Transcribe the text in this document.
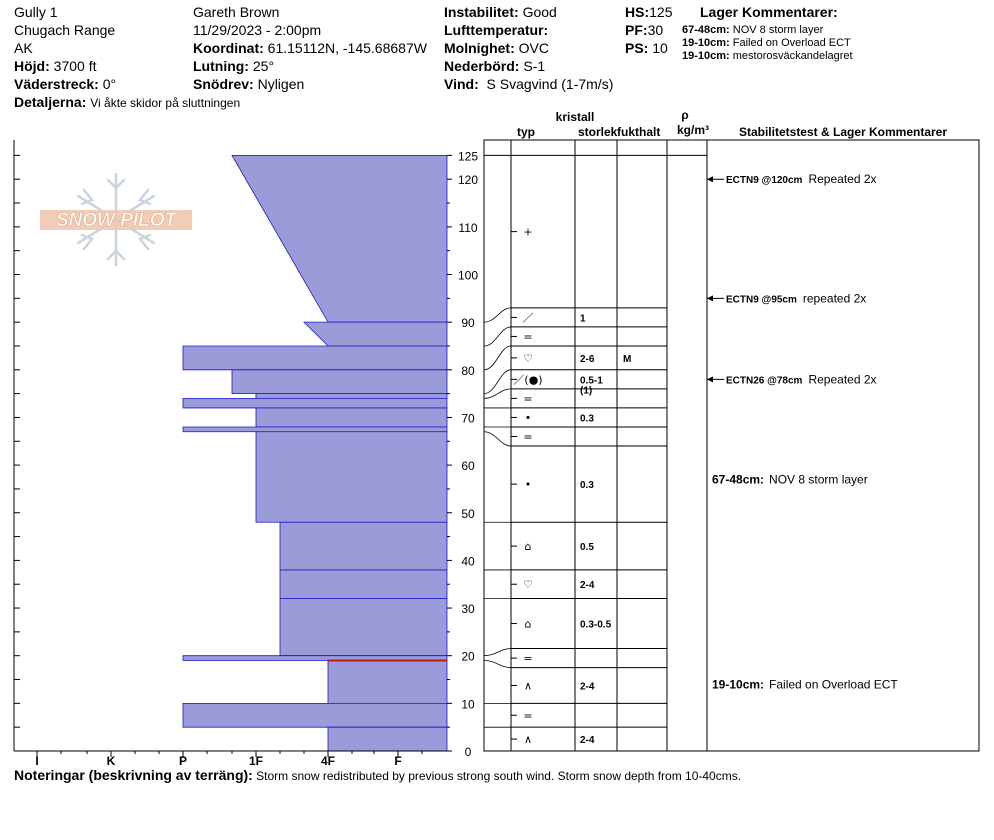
Gully 1
Chugach Range
AK
Höjd: 3700 ft
Väderstreck: 0°
Detaljerna: Vi åkte skidor på sluttningen
Gareth Brown
11/29/2023 - 2:00pm
Koordinat: 61.15112N, -145.68687W
Lutning: 25°
Snödrev: Nyligen
Instabilitet: Good
Lufttemperatur:
Molnighet: OVC
Nederbörd: S-1
Vind: S Svagvind (1-7m/s)
HS:125
PF:30
PS: 10
Lager Kommentarer:
67-48cm: NOV 8 storm layer
19-10cm: Failed on Overload ECT
19-10cm: mestorosväckandelagret
0
10
20
30
40
50
60
70
80
90
100
110
120
125
I	K	P	1F	4F	F
kristall
typ	storlek fukthalt
ρ
kg/m³ Stabilitetstest & Lager Kommentarer
+
／	1
=
♡	2-6	M
／(●)	0.5-1
(1)
=
•	0.3
=
•	0.3
⌂	0.5
♡	2-4
⌂	0.3-0.5
=
∧	2-4
=
∧	2-4
ECTN9 @120cm Repeated 2x
ECTN9 @95cm repeated 2x
ECTN26 @78cm Repeated 2x
67-48cm: NOV 8 storm layer
19-10cm: Failed on Overload ECT
SNOW PILOT
Noteringar (beskrivning av terräng): Storm snow redistributed by previous strong south wind. Storm snow depth from 10-40cms.
